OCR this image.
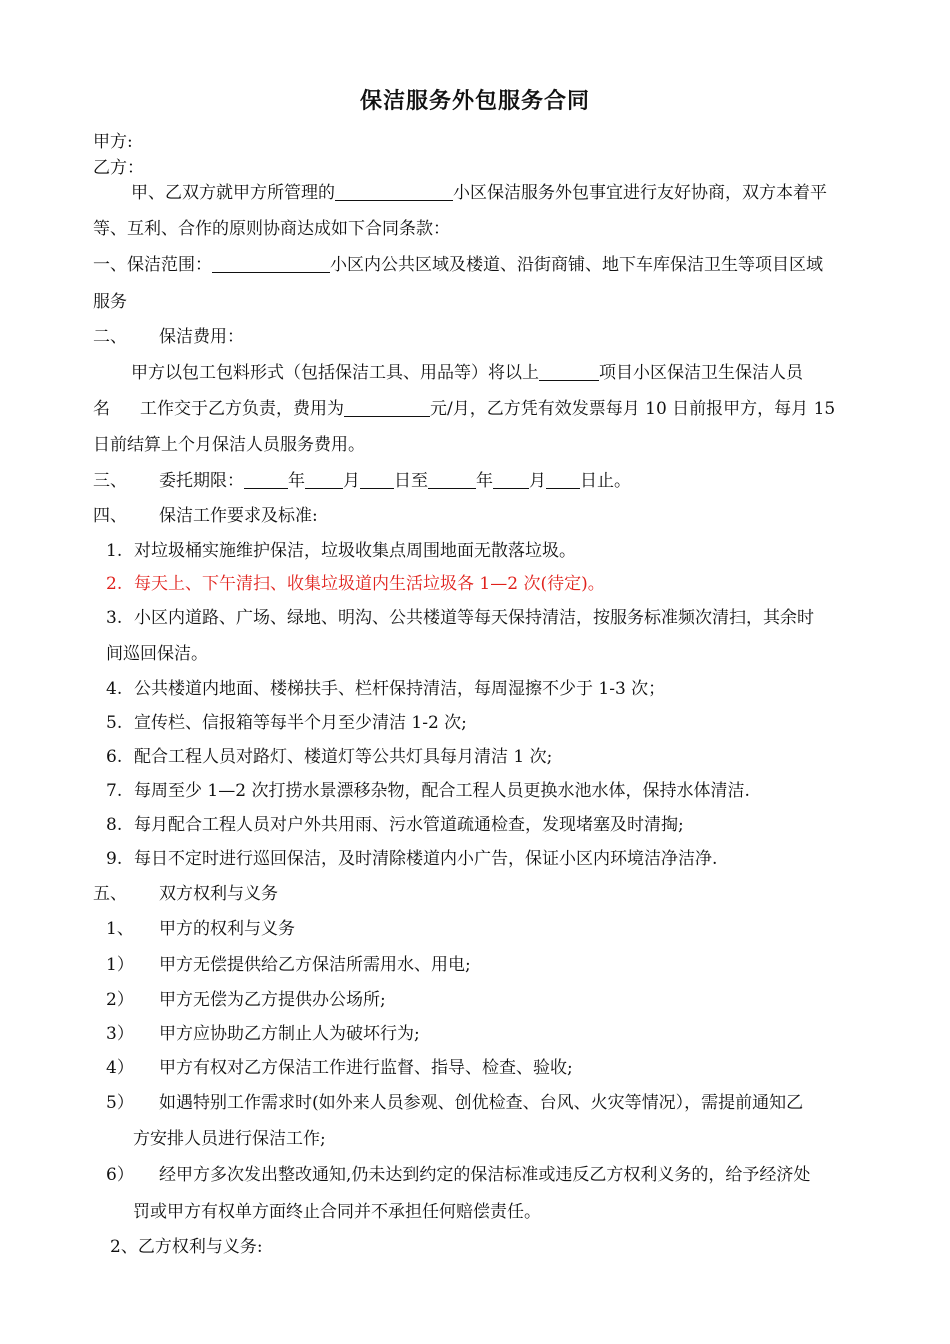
保洁服务外包服务合同
甲方:
乙方：
甲、乙双方就甲方所管理的	小区保洁服务外包事宜进行友好协商，双方本着平
等、互利、合作的原则协商达成如下合同条款：
一、保洁范围：	小区内公共区域及楼道、沿街商铺、地下车库保洁卫生等项目区域
服务
二、 保洁费用：
甲方以包工包料形式（包括保洁工具、用品等）将以上	项目小区保洁卫生保洁人员
名 工作交于乙方负责，费用为	元/月，乙方凭有效发票每月 10 日前报甲方，每月 15
日前结算上个月保洁人员服务费用。
三、 委托期限：	年 月 日至	年 月 日止。
四、 保洁工作要求及标准:
1. 对垃圾桶实施维护保洁，垃圾收集点周围地面无散落垃圾。
2. 每天上、下午清扫、收集垃圾道内生活垃圾各 1—2 次(待定)。
3. 小区内道路、广场、绿地、明沟、公共楼道等每天保持清洁，按服务标准频次清扫，其余时
间巡回保洁。
4. 公共楼道内地面、楼梯扶手、栏杆保持清洁，每周湿擦不少于 1-3 次；
5. 宣传栏、信报箱等每半个月至少清洁 1-2 次;
6. 配合工程人员对路灯、楼道灯等公共灯具每月清洁 1 次;
7. 每周至少 1—2 次打捞水景漂移杂物，配合工程人员更换水池水体，保持水体清洁.
8. 每月配合工程人员对户外共用雨、污水管道疏通检查，发现堵塞及时清掏;
9. 每日不定时进行巡回保洁，及时清除楼道内小广告，保证小区内环境洁净洁净.
五、 双方权利与义务
1、 甲方的权利与义务
1） 甲方无偿提供给乙方保洁所需用水、用电;
2） 甲方无偿为乙方提供办公场所;
3） 甲方应协助乙方制止人为破坏行为;
4） 甲方有权对乙方保洁工作进行监督、指导、检查、验收;
5） 如遇特别工作需求时(如外来人员参观、创优检查、台风、火灾等情况），需提前通知乙
方安排人员进行保洁工作;
6） 经甲方多次发出整改通知,仍未达到约定的保洁标准或违反乙方权利义务的，给予经济处
罚或甲方有权单方面终止合同并不承担任何赔偿责任。
2、乙方权利与义务:
